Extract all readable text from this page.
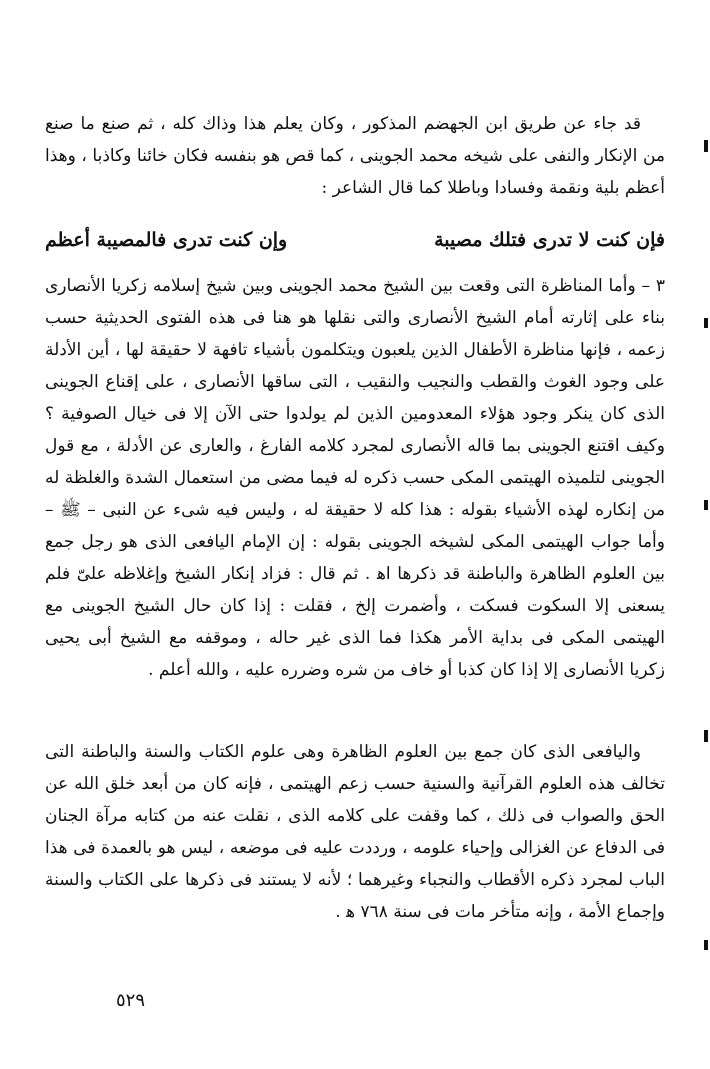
قد جاء عن طريق ابن الجهضم المذكور ، وكان يعلم هذا وذاك كله ، ثم صنع ما صنع من الإنكار والنفى على شيخه محمد الجوينى ، كما قص هو بنفسه فكان خائنا وكاذبا ، وهذا أعظم بلية ونقمة وفسادا وباطلا كما قال الشاعر :

فإن كنت لا تدرى فتلك مصيبة
وإن كنت تدرى فالمصيبة أعظم

٣ – وأما المناظرة التى وقعت بين الشيخ محمد الجوينى وبين شيخ إسلامه زكريا الأنصارى بناء على إثارته أمام الشيخ الأنصارى والتى نقلها هو هنا فى هذه الفتوى الحديثية حسب زعمه ، فإنها مناظرة الأطفال الذين يلعبون ويتكلمون بأشياء تافهة لا حقيقة لها ، أين الأدلة على وجود الغوث والقطب والنجيب والنقيب ، التى ساقها الأنصارى ، على إقناع الجوينى الذى كان ينكر وجود هؤلاء المعدومين الذين لم يولدوا حتى الآن إلا فى خيال الصوفية ؟ وكيف اقتنع الجوينى بما قاله الأنصارى لمجرد كلامه الفارغ ، والعارى عن الأدلة ، مع قول الجوينى لتلميذه الهيتمى المكى حسب ذكره له فيما مضى من استعمال الشدة والغلظة له من إنكاره لهذه الأشياء بقوله : هذا كله لا حقيقة له ، وليس فيه شىء عن النبى – ﷺ – وأما جواب الهيتمى المكى لشيخه الجوينى بقوله : إن الإمام اليافعى الذى هو رجل جمع بين العلوم الظاهرة والباطنة قد ذكرها اﻫ . ثم قال : فزاد إنكار الشيخ وإغلاظه علىّ فلم يسعنى إلا السكوت فسكت ، وأضمرت إلخ ، فقلت : إذا كان حال الشيخ الجوينى مع الهيتمى المكى فى بداية الأمر هكذا فما الذى غير حاله ، وموقفه مع الشيخ أبى يحيى زكريا الأنصارى إلا إذا كان كذبا أو خاف من شره وضرره عليه ، والله أعلم .

واليافعى الذى كان جمع بين العلوم الظاهرة وهى علوم الكتاب والسنة والباطنة التى تخالف هذه العلوم القرآنية والسنية حسب زعم الهيتمى ، فإنه كان من أبعد خلق الله عن الحق والصواب فى ذلك ، كما وقفت على كلامه الذى ، نقلت عنه من كتابه مرآة الجنان فى الدفاع عن الغزالى وإحياء علومه ، ورددت عليه فى موضعه ، ليس هو بالعمدة فى هذا الباب لمجرد ذكره الأقطاب والنجباء وغيرهما ؛ لأنه لا يستند فى ذكرها على الكتاب والسنة وإجماع الأمة ، وإنه متأخر مات فى سنة ٧٦٨ ﻫ .

٥٢٩
